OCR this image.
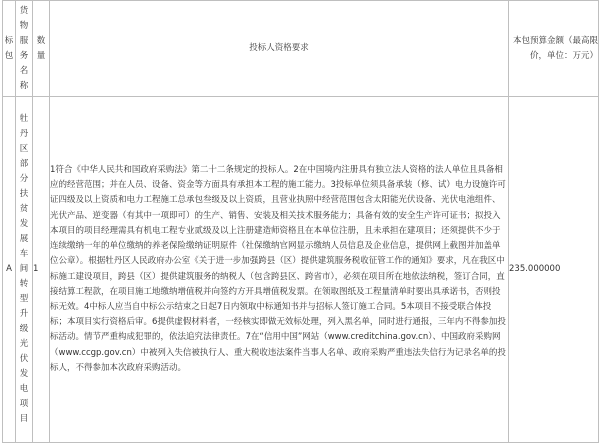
标包	货物服务名称	数量	投标人资格要求	本包预算金额（最高限价，单位：万元）
A	牡丹区部分扶贫发展车间转型升级光伏发电项目	1	1符合《中华人民共和国政府采购法》第二十二条规定的投标人。2在中国境内注册具有独立法人资格的法人单位且具备相应的经营范围；并在人员、设备、资金等方面具有承担本工程的施工能力。3投标单位须具备承装（修、试）电力设施许可证四级及以上资质和电力工程施工总承包叁级及以上资质，且营业执照中经营范围包含太阳能光伏设备、光伏电池组件、光伏产品、逆变器（有其中一项即可）的生产、销售、安装及相关技术服务能力；具备有效的安全生产许可证书；拟投入本项目的项目经理需具有机电工程专业贰级及以上注册建造师资格且在本单位注册，且未承担在建项目；还须提供不少于连续缴纳一年的单位缴纳的养老保险缴纳证明原件（社保缴纳官网显示缴纳人员信息及企业信息，提供网上截图并加盖单位公章）。根据牡丹区人民政府办公室《关于进一步加强跨县（区）提供建筑服务税收征管工作的通知》要求，凡在我区中标施工建设项目，跨县（区）提供建筑服务的纳税人（包含跨县区、跨省市），必须在项目所在地依法纳税，签订合同，直接结算工程款，在项目施工地缴纳增值税并向签约方开具增值税发票。在领取图纸及工程量清单时要出具承诺书，否则投标无效。4中标人应当自中标公示结束之日起7日内领取中标通知书并与招标人签订施工合同。5本项目不接受联合体投标；本项目实行资格后审。6提供虚假材料者，一经核实即做无效标处理，列入黑名单，同时进行通报，三年内不得参加投标活动。情节严重构成犯罪的，依法追究法律责任。7在“信用中国”网站（www.creditchina.gov.cn）、中国政府采购网（www.ccgp.gov.cn）中被列入失信被执行人、重大税收违法案件当事人名单、政府采购严重违法失信行为记录名单的投标人，不得参加本次政府采购活动。	235.000000
